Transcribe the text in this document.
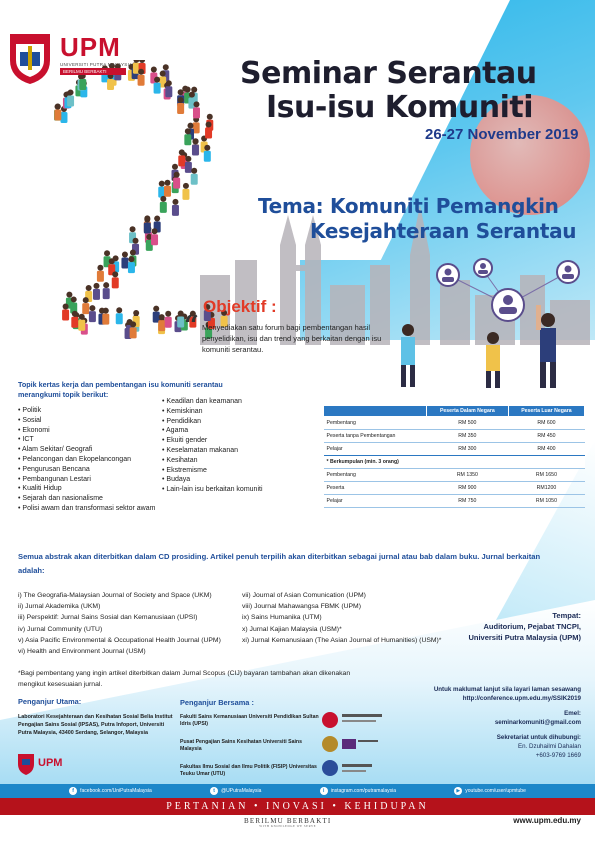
UPM
UNIVERSITI PUTRA MALAYSIA
BERILMU BERBAKTI	Seminar Serantau
Isu-isu Komuniti
26-27 November 2019
Tema: Komuniti Pemangkin
Kesejahteraan Serantau
Objektif :
“ Menyediakan satu forum bagi pembentangan hasil penyelidikan, isu dan trend yang berkaitan dengan isu komuniti serantau.
Topik kertas kerja dan pembentangan isu komuniti serantau merangkumi topik berikut:
• Politik
• Sosial
• Ekonomi
• ICT
• Alam Sekitar/ Geografi
• Pelancongan dan Ekopelancongan
• Pengurusan Bencana
• Pembangunan Lestari
• Kualiti Hidup
• Sejarah dan nasionalisme
• Polisi awam dan transformasi sektor awam
• Keadilan dan keamanan
• Kemiskinan
• Pendidikan
• Agama
• Ekuiti gender
• Keselamatan makanan
• Kesihatan
• Ekstremisme
• Budaya
• Lain-lain isu berkaitan komuniti
	Peserta Dalam Negara	Peserta Luar Negara
Pembentang	RM 500	RM 600
Peserta tanpa Pembentangan	RM 350	RM 450
Pelajar	RM 300	RM 400
* Berkumpulan (min. 3 orang)		
Pembentang	RM 1350	RM 1650
Peserta	RM 900	RM1200
Pelajar	RM 750	RM 1050
Semua abstrak akan diterbitkan dalam CD prosiding. Artikel penuh terpilih akan diterbitkan sebagai jurnal atau bab dalam buku. Jurnal berkaitan adalah:
i) The Geografia-Malaysian Journal of Society and Space (UKM)
ii) Jurnal Akademika (UKM)
iii) Perspektif: Jurnal Sains Sosial dan Kemanusiaan (UPSI)
iv) Jurnal Community (UTU)
v) Asia Pacific Environmental & Occupational Health Journal (UPM)
vi) Health and Environment Journal (USM)
vii) Journal of Asian Comunication (UPM)
viii) Journal Mahawangsa FBMK (UPM)
ix) Sains Humanika (UTM)
x) Jurnal Kajian Malaysia (USM)*
xi) Jurnal Kemanusiaan (The Asian Journal of Humanities) (USM)*
*Bagi pembentang yang ingin artikel diterbitkan dalam Jurnal Scopus (CIJ) bayaran tambahan akan dikenakan mengikut kesesuaian jurnal.
Tempat:
Auditorium, Pejabat TNCPI, Universiti Putra Malaysia (UPM)
Untuk maklumat lanjut sila layari laman sesawang
http://conference.upm.edu.my/SSIK2019
Emel:
seminarkomuniti@gmail.com
Sekretariat untuk dihubungi:
En. Dzuhailmi Dahalan
+603-9769 1669
Penganjur Utama:
Laboratori Kesejahteraan dan Kesihatan Sosial Belia Institut Pengajian Sains Sosial (IPSAS), Putra Infoport, Universiti Putra Malaysia, 43400 Serdang, Selangor, Malaysia
UPM
Penganjur Bersama :
Fakulti Sains Kemanusiaan Universiti Pendidikan Sultan Idris (UPSI)
Pusat Pengajian Sains Kesihatan Universiti Sains Malaysia
Fakultas Ilmu Sosial dan Ilmu Politik (FISIP) Universitas Teuku Umar (UTU)
f	facebook.com/UniPutraMalaysia	t	@UPutraMalaysia	i	instagram.com/putramalaysia	▶	youtube.com/user/upmtube
PERTANIAN • INOVASI • KEHIDUPAN
BERILMU BERBAKTI
WITH KNOWLEDGE WE SERVE
www.upm.edu.my
